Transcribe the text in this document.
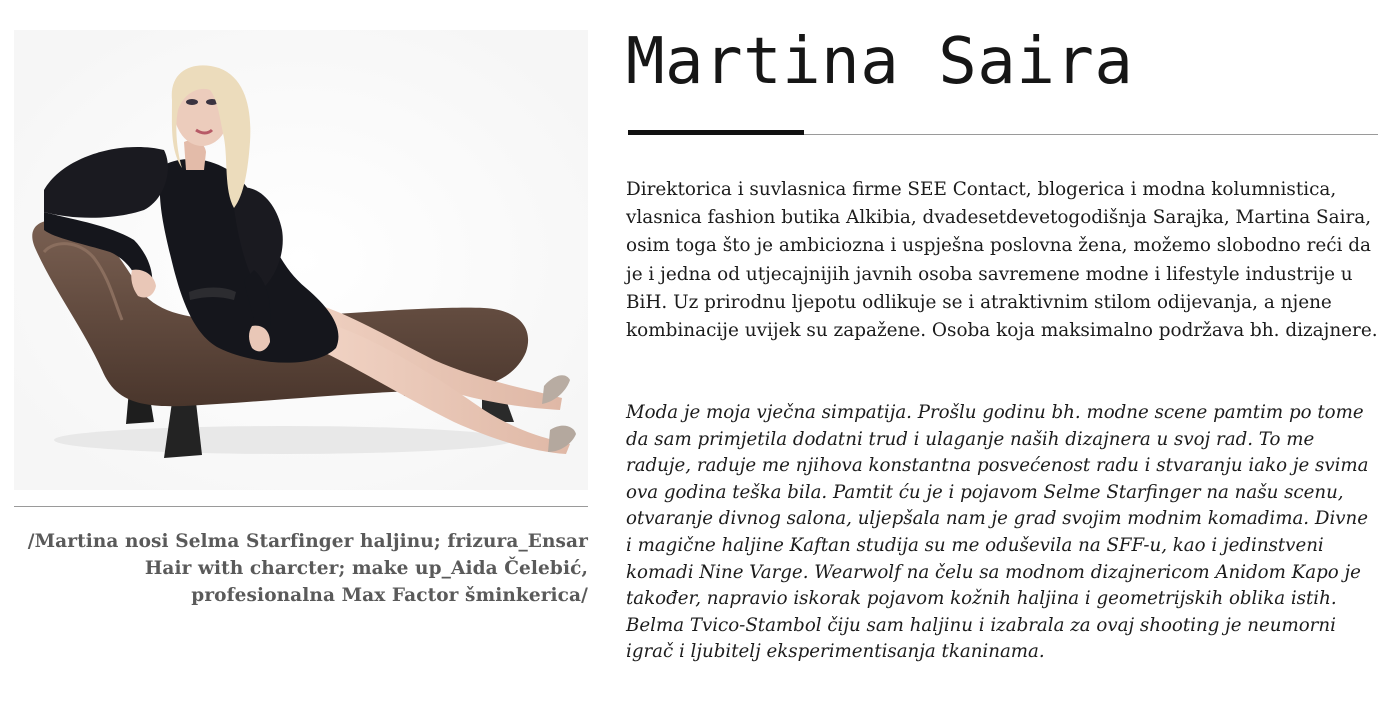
/Martina nosi Selma Starfinger haljinu; frizura_Ensar Hair with charcter; make up_Aida Čelebić, profesionalna Max Factor šminkerica/
Martina Saira

Direktorica i suvlasnica firme SEE Contact, blogerica i modna kolumnistica, vlasnica fashion butika Alkibia, dvadesetdevetogodišnja Sarajka, Martina Saira, osim toga što je ambiciozna i uspješna poslovna žena, možemo slobodno reći da je i jedna od utjecajnijih javnih osoba savremene modne i lifestyle industrije u BiH. Uz prirodnu ljepotu odlikuje se i atraktivnim stilom odijevanja, a njene kombinacije uvijek su zapažene. Osoba koja maksimalno podržava bh. dizajnere.

Moda je moja vječna simpatija. Prošlu godinu bh. modne scene pamtim po tome da sam primjetila dodatni trud i ulaganje naših dizajnera u svoj rad. To me raduje, raduje me njihova konstantna posvećenost radu i stvaranju iako je svima ova godina teška bila. Pamtit ću je i pojavom Selme Starfinger na našu scenu, otvaranje divnog salona, uljepšala nam je grad svojim modnim komadima. Divne i magične haljine Kaftan studija su me oduševila na SFF-u, kao i jedinstveni komadi Nine Varge. Wearwolf na čelu sa modnom dizajnericom Anidom Kapo je također, napravio iskorak pojavom kožnih haljina i geometrijskih oblika istih. Belma Tvico-Stambol čiju sam haljinu i izabrala za ovaj shooting je neumorni igrač i ljubitelj eksperimentisanja tkaninama.
